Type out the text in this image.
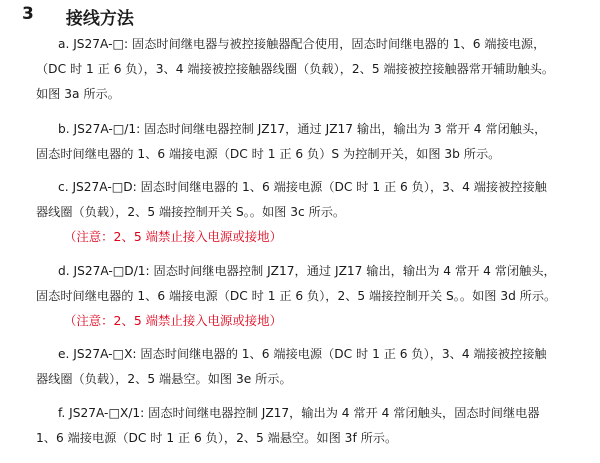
3 接线方法
a. JS27A-□: 固态时间继电器与被控接触器配合使用，固态时间继电器的 1、6 端接电源，
（DC 时 1 正 6 负），3、4 端接被控接触器线圈（负载），2、5 端接被控接触器常开辅助触头。
如图 3a 所示。
b. JS27A-□/1: 固态时间继电器控制 JZ17，通过 JZ17 输出，输出为 3 常开 4 常闭触头，
固态时间继电器的 1、6 端接电源（DC 时 1 正 6 负）S 为控制开关，如图 3b 所示。
c. JS27A-□D: 固态时间继电器的 1、6 端接电源（DC 时 1 正 6 负），3、4 端接被控接触
器线圈（负载），2、5 端接控制开关 S。。如图 3c 所示。
（注意：2、5 端禁止接入电源或接地）
d. JS27A-□D/1: 固态时间继电器控制 JZ17，通过 JZ17 输出，输出为 4 常开 4 常闭触头，
固态时间继电器的 1、6 端接电源（DC 时 1 正 6 负），2、5 端接控制开关 S。。如图 3d 所示。
（注意：2、5 端禁止接入电源或接地）
e. JS27A-□X: 固态时间继电器的 1、6 端接电源（DC 时 1 正 6 负），3、4 端接被控接触
器线圈（负载），2、5 端悬空。如图 3e 所示。
f. JS27A-□X/1: 固态时间继电器控制 JZ17，输出为 4 常开 4 常闭触头，固态时间继电器
1、6 端接电源（DC 时 1 正 6 负），2、5 端悬空。如图 3f 所示。
